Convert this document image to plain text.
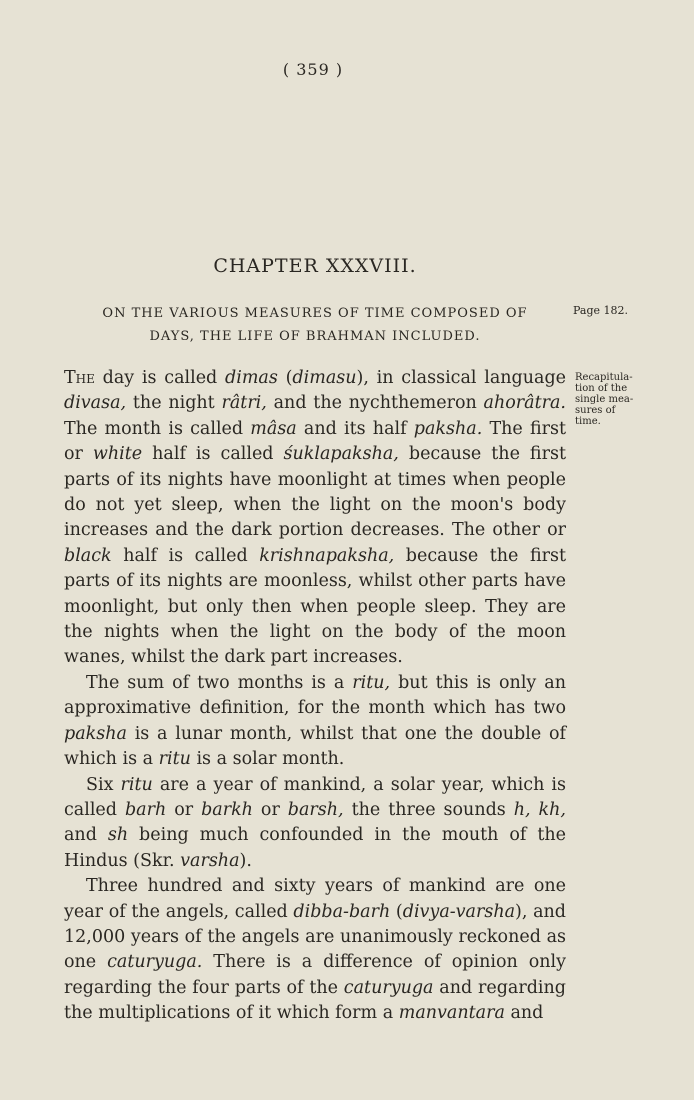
( 359 )
CHAPTER XXXVIII.
ON THE VARIOUS MEASURES OF TIME COMPOSED OF
DAYS, THE LIFE OF BRAHMAN INCLUDED.
Page 182.
Recapitula-
tion of the
single mea-
sures of
time.

The day is called dimas (dimasu), in classical language divasa, the night râtri, and the nychthemeron ahorâtra. The month is called mâsa and its half paksha. The first or white half is called śuklapaksha, because the first parts of its nights have moonlight at times when people do not yet sleep, when the light on the moon's body increases and the dark portion decreases. The other or black half is called krishnapaksha, because the first parts of its nights are moonless, whilst other parts have moonlight, but only then when people sleep. They are the nights when the light on the body of the moon wanes, whilst the dark part increases.

The sum of two months is a ritu, but this is only an approximative definition, for the month which has two paksha is a lunar month, whilst that one the double of which is a ritu is a solar month.

Six ritu are a year of mankind, a solar year, which is called barh or barkh or barsh, the three sounds h, kh, and sh being much confounded in the mouth of the Hindus (Skr. varsha).

Three hundred and sixty years of mankind are one year of the angels, called dibba-barh (divya-varsha), and 12,000 years of the angels are unanimously reckoned as one caturyuga. There is a difference of opinion only regarding the four parts of the caturyuga and regarding the multiplications of it which form a manvantara and
